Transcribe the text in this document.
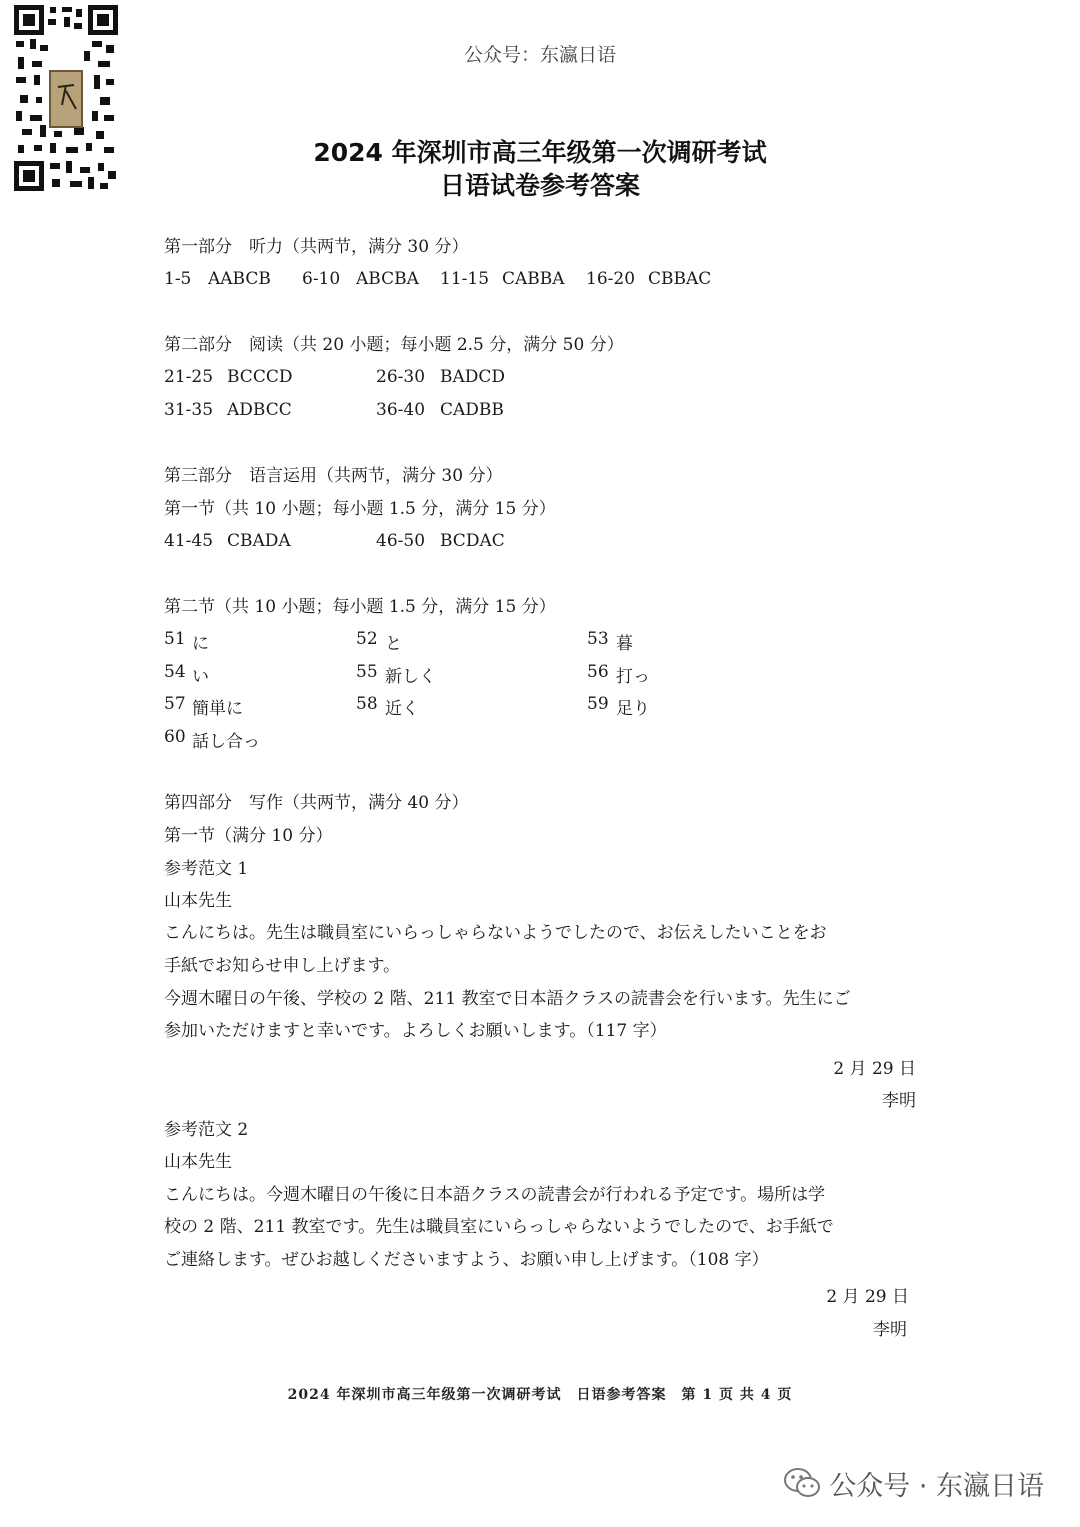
公众号：东瀛日语
2024 年深圳市高三年级第一次调研考试
日语试卷参考答案
第一部分　听力（共两节，满分 30 分）
1-5 AABCB 6-10 ABCBA 11-15 CABBA 16-20 CBBAC
第二部分　阅读（共 20 小题；每小题 2.5 分，满分 50 分）
21-25 BCCCD	26-30 BADCD
31-35 ADBCC	36-40 CADBB
第三部分　语言运用（共两节，满分 30 分）
第一节（共 10 小题；每小题 1.5 分，满分 15 分）
41-45 CBADA	46-50 BCDAC
第二节（共 10 小题；每小题 1.5 分，满分 15 分）
51 に	52 と	53 暮
54 い	55 新しく	56 打っ
57 簡単に	58 近く	59 足り
60 話し合っ
第四部分　写作（共两节，满分 40 分）
第一节（满分 10 分）
参考范文 1
山本先生
こんにちは。先生は職員室にいらっしゃらないようでしたので、お伝えしたいことをお
手紙でお知らせ申し上げます。
今週木曜日の午後、学校の 2 階、211 教室で日本語クラスの読書会を行います。先生にご
参加いただけますと幸いです。よろしくお願いします。（117 字）
2 月 29 日
李明
参考范文 2
山本先生
こんにちは。今週木曜日の午後に日本語クラスの読書会が行われる予定です。場所は学
校の 2 階、211 教室です。先生は職員室にいらっしゃらないようでしたので、お手紙で
ご連絡します。ぜひお越しくださいますよう、お願い申し上げます。（108 字）
2 月 29 日
李明
2024 年深圳市高三年级第一次调研考试　日语参考答案　第 1 页 共 4 页
公众号 · 东瀛日语
